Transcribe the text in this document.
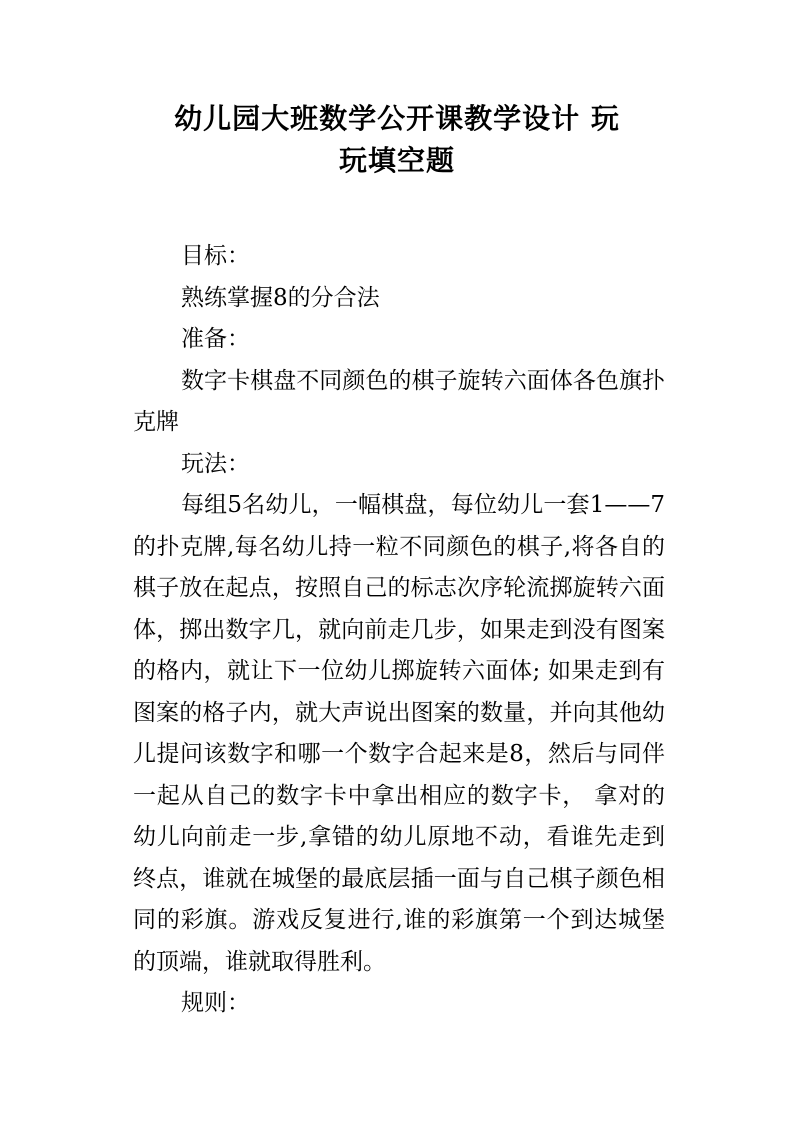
幼儿园大班数学公开课教学设计 玩
玩填空题

目标：

熟练掌握8的分合法

准备：

数字卡棋盘不同颜色的棋子旋转六面体各色旗扑克牌

玩法：

每组5名幼儿，一幅棋盘，每位幼儿一套1——7的扑克牌,每名幼儿持一粒不同颜色的棋子,将各自的棋子放在起点，按照自己的标志次序轮流掷旋转六面体，掷出数字几，就向前走几步，如果走到没有图案的格内，就让下一位幼儿掷旋转六面体; 如果走到有图案的格子内，就大声说出图案的数量，并向其他幼儿提问该数字和哪一个数字合起来是8，然后与同伴一起从自己的数字卡中拿出相应的数字卡， 拿对的幼儿向前走一步,拿错的幼儿原地不动，看谁先走到终点，谁就在城堡的最底层插一面与自己棋子颜色相同的彩旗。游戏反复进行,谁的彩旗第一个到达城堡的顶端，谁就取得胜利。

规则：
